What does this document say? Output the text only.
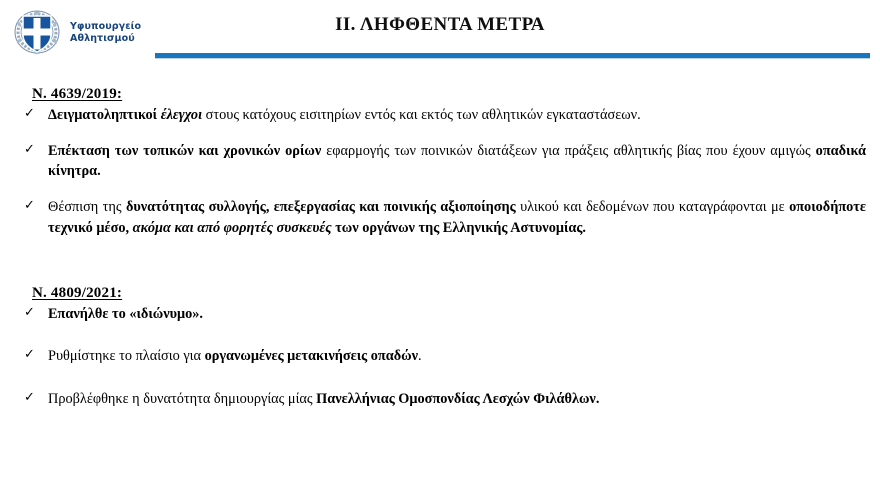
Υφυπουργείο
Αθλητισμού
ΙΙ. ΛΗΦΘΕΝΤΑ ΜΕΤΡΑ
Ν. 4639/2019:
✓ Δειγματοληπτικοί έλεγχοι στους κατόχους εισιτηρίων εντός και εκτός των αθλητικών εγκαταστάσεων.
✓ Επέκταση των τοπικών και χρονικών ορίων εφαρμογής των ποινικών διατάξεων για πράξεις αθλητικής βίας που έχουν αμιγώς οπαδικά κίνητρα.
✓ Θέσπιση της δυνατότητας συλλογής, επεξεργασίας και ποινικής αξιοποίησης υλικού και δεδομένων που καταγράφονται με οποιοδήποτε τεχνικό μέσο, ακόμα και από φορητές συσκευές των οργάνων της Ελληνικής Αστυνομίας.
Ν. 4809/2021:
✓ Επανήλθε το «ιδιώνυμο».
✓ Ρυθμίστηκε το πλαίσιο για οργανωμένες μετακινήσεις οπαδών.
✓ Προβλέφθηκε η δυνατότητα δημιουργίας μίας Πανελλήνιας Ομοσπονδίας Λεσχών Φιλάθλων.
